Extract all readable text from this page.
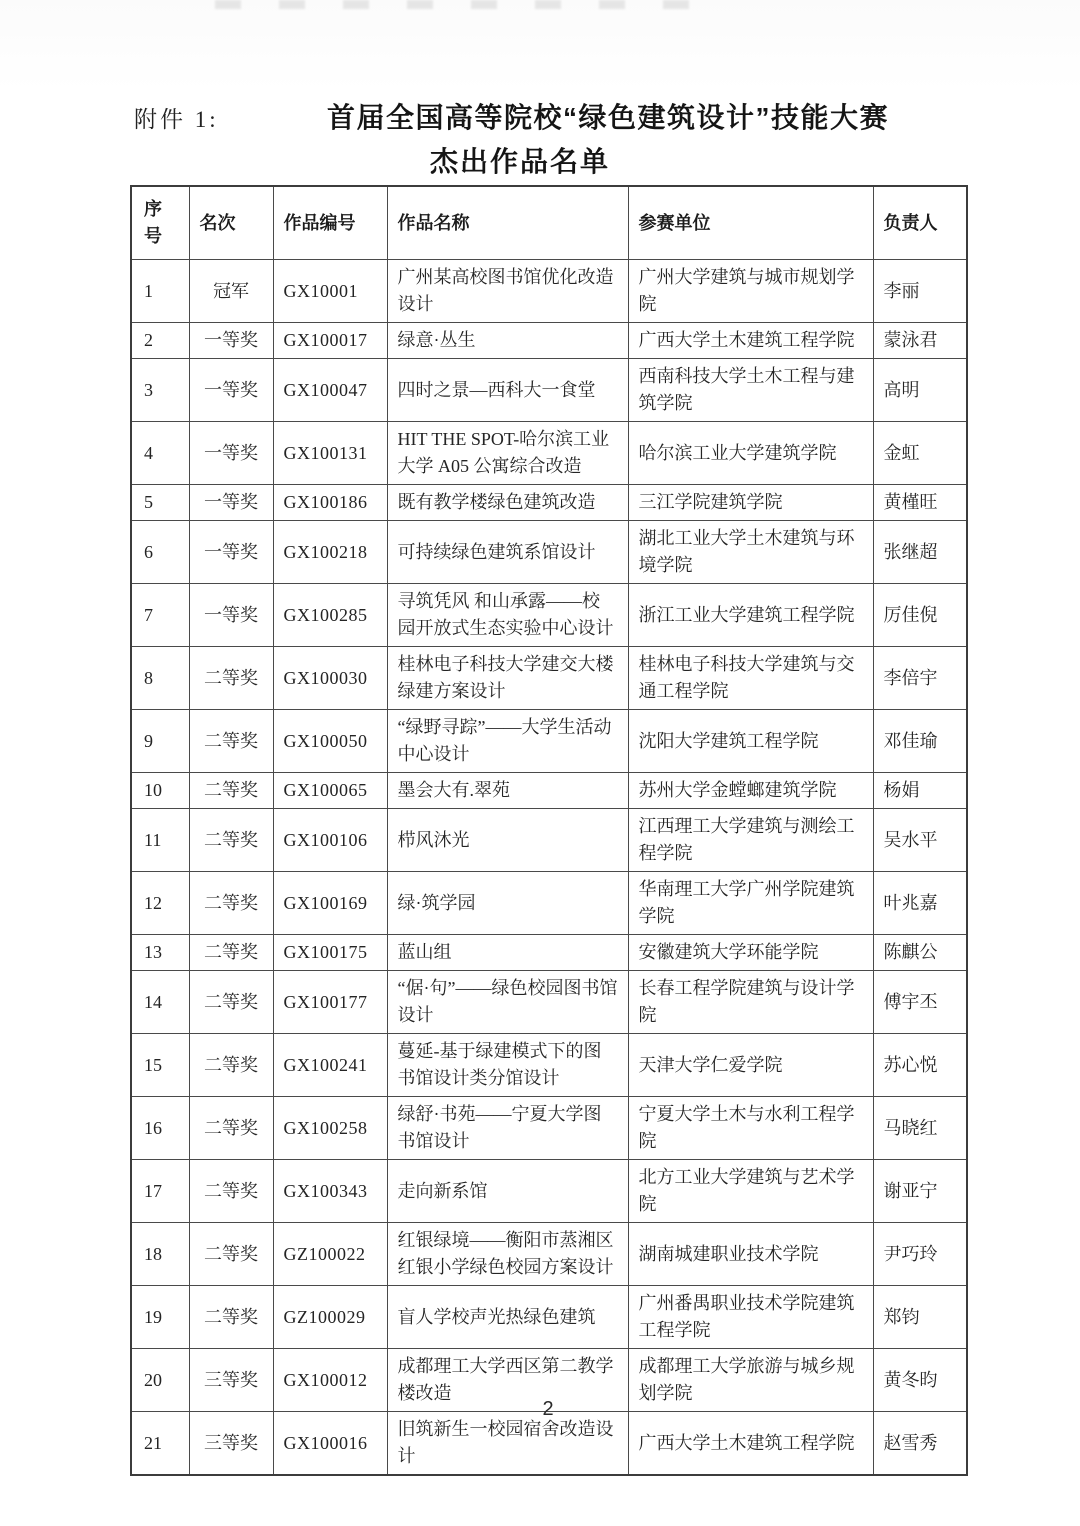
附件 1:	首届全国高等院校“绿色建筑设计”技能大赛
杰出作品名单
序号	名次	作品编号	作品名称	参赛单位	负责人
1	冠军	GX10001	广州某高校图书馆优化改造设计	广州大学建筑与城市规划学院	李丽
2	一等奖	GX100017	绿意·丛生	广西大学土木建筑工程学院	蒙泳君
3	一等奖	GX100047	四时之景—西科大一食堂	西南科技大学土木工程与建筑学院	高明
4	一等奖	GX100131	HIT THE SPOT-哈尔滨工业大学 A05 公寓综合改造	哈尔滨工业大学建筑学院	金虹
5	一等奖	GX100186	既有教学楼绿色建筑改造	三江学院建筑学院	黄槿旺
6	一等奖	GX100218	可持续绿色建筑系馆设计	湖北工业大学土木建筑与环境学院	张继超
7	一等奖	GX100285	寻筑凭风 和山承露——校园开放式生态实验中心设计	浙江工业大学建筑工程学院	厉佳倪
8	二等奖	GX100030	桂林电子科技大学建交大楼绿建方案设计	桂林电子科技大学建筑与交通工程学院	李倍宇
9	二等奖	GX100050	“绿野寻踪”——大学生活动中心设计	沈阳大学建筑工程学院	邓佳瑜
10	二等奖	GX100065	墨会大有.翠苑	苏州大学金螳螂建筑学院	杨娟
11	二等奖	GX100106	栉风沐光	江西理工大学建筑与测绘工程学院	吴水平
12	二等奖	GX100169	绿·筑学园	华南理工大学广州学院建筑学院	叶兆嘉
13	二等奖	GX100175	蓝山组	安徽建筑大学环能学院	陈麒公
14	二等奖	GX100177	“倨·句”——绿色校园图书馆设计	长春工程学院建筑与设计学院	傅宇丕
15	二等奖	GX100241	蔓延-基于绿建模式下的图书馆设计类分馆设计	天津大学仁爱学院	苏心悦
16	二等奖	GX100258	绿舒·书苑——宁夏大学图书馆设计	宁夏大学土木与水利工程学院	马晓红
17	二等奖	GX100343	走向新系馆	北方工业大学建筑与艺术学院	谢亚宁
18	二等奖	GZ100022	红银绿境——衡阳市蒸湘区红银小学绿色校园方案设计	湖南城建职业技术学院	尹巧玲
19	二等奖	GZ100029	盲人学校声光热绿色建筑	广州番禺职业技术学院建筑工程学院	郑钧
20	三等奖	GX100012	成都理工大学西区第二教学楼改造	成都理工大学旅游与城乡规划学院	黄冬昀
21	三等奖	GX100016	旧筑新生一校园宿舍改造设计	广西大学土木建筑工程学院	赵雪秀
2
